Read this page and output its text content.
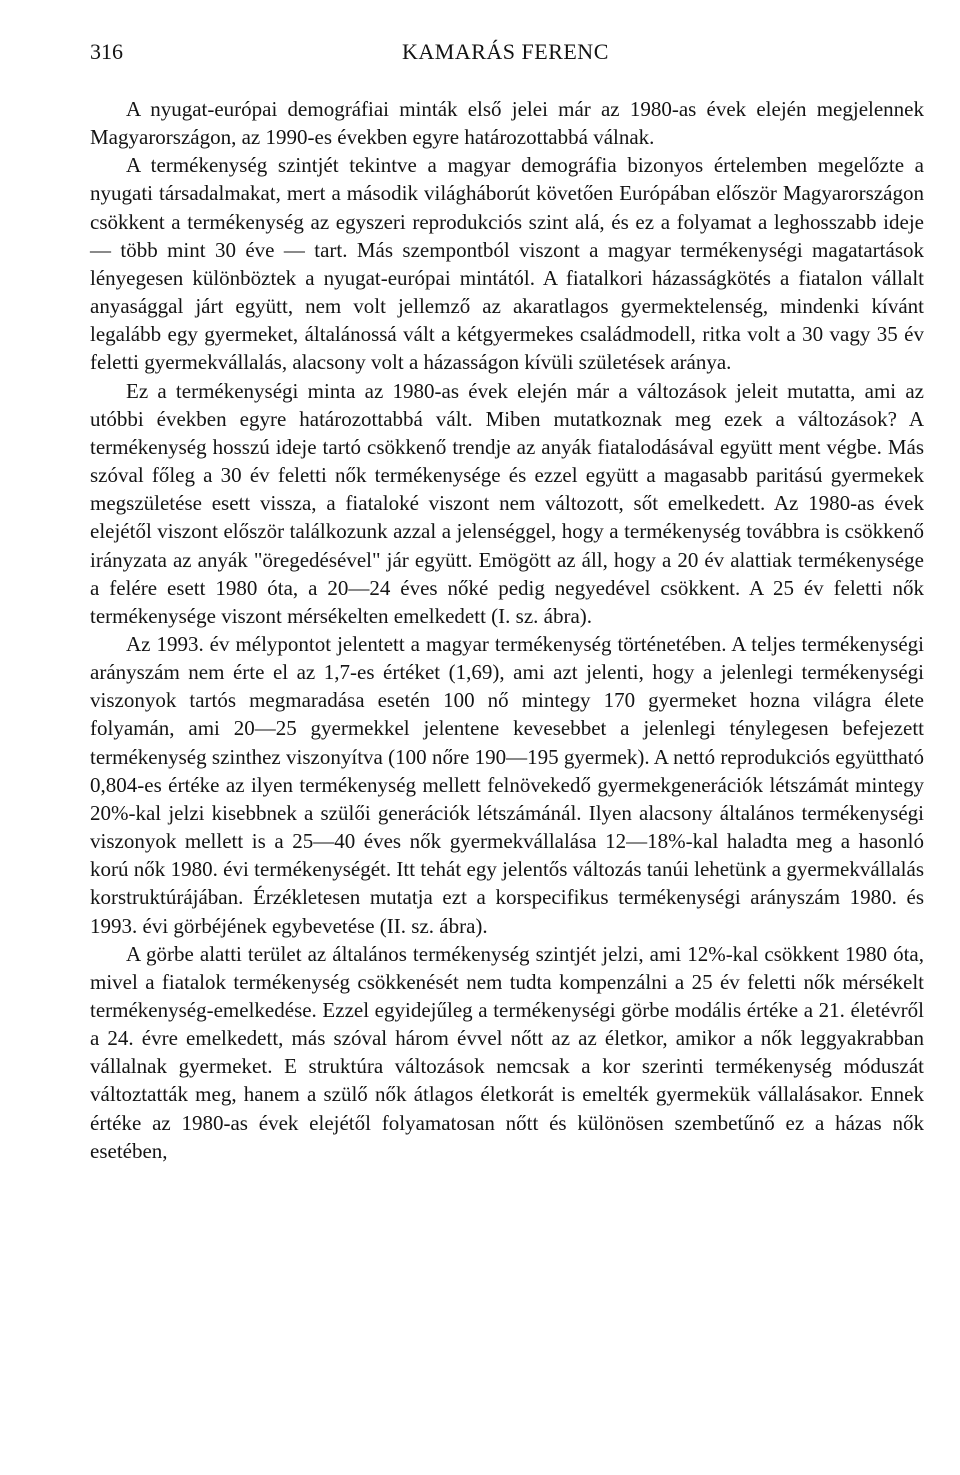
316	KAMARÁS FERENC

A nyugat-európai demográfiai minták első jelei már az 1980-as évek elején megjelennek Magyarországon, az 1990-es években egyre határozottabbá válnak.

A termékenység szintjét tekintve a magyar demográfia bizonyos értelemben megelőzte a nyugati társadalmakat, mert a második világháborút követően Európában először Magyarországon csökkent a termékenység az egyszeri reprodukciós szint alá, és ez a folyamat a leghosszabb ideje — több mint 30 éve — tart. Más szempontból viszont a magyar termékenységi magatartások lényegesen különböztek a nyugat-európai mintától. A fiatalkori házasságkötés a fiatalon vállalt anyasággal járt együtt, nem volt jellemző az akaratlagos gyermektelenség, mindenki kívánt legalább egy gyermeket, általánossá vált a kétgyermekes családmodell, ritka volt a 30 vagy 35 év feletti gyermekvállalás, alacsony volt a házasságon kívüli születések aránya.

Ez a termékenységi minta az 1980-as évek elején már a változások jeleit mutatta, ami az utóbbi években egyre határozottabbá vált. Miben mutatkoznak meg ezek a változások? A termékenység hosszú ideje tartó csökkenő trendje az anyák fiatalodásával együtt ment végbe. Más szóval főleg a 30 év feletti nők termékenysége és ezzel együtt a magasabb paritású gyermekek megszületése esett vissza, a fiataloké viszont nem változott, sőt emelkedett. Az 1980-as évek elejétől viszont először találkozunk azzal a jelenséggel, hogy a termékenység továbbra is csökkenő irányzata az anyák "öregedésével" jár együtt. Emögött az áll, hogy a 20 év alattiak termékenysége a felére esett 1980 óta, a 20—24 éves nőké pedig negyedével csökkent. A 25 év feletti nők termékenysége viszont mérsékelten emelkedett (I. sz. ábra).

Az 1993. év mélypontot jelentett a magyar termékenység történetében. A teljes termékenységi arányszám nem érte el az 1,7-es értéket (1,69), ami azt jelenti, hogy a jelenlegi termékenységi viszonyok tartós megmaradása esetén 100 nő mintegy 170 gyermeket hozna világra élete folyamán, ami 20—25 gyermekkel jelentene kevesebbet a jelenlegi ténylegesen befejezett termékenység szinthez viszonyítva (100 nőre 190—195 gyermek). A nettó reprodukciós együttható 0,804-es értéke az ilyen termékenység mellett felnövekedő gyermekgenerációk létszámát mintegy 20%-kal jelzi kisebbnek a szülői generációk létszámánál. Ilyen alacsony általános termékenységi viszonyok mellett is a 25—40 éves nők gyermekvállalása 12—18%-kal haladta meg a hasonló korú nők 1980. évi termékenységét. Itt tehát egy jelentős változás tanúi lehetünk a gyermekvállalás korstruktúrájában. Érzékletesen mutatja ezt a korspecifikus termékenységi arányszám 1980. és 1993. évi görbéjének egybevetése (II. sz. ábra).

A görbe alatti terület az általános termékenység szintjét jelzi, ami 12%-kal csökkent 1980 óta, mivel a fiatalok termékenység csökkenését nem tudta kompenzálni a 25 év feletti nők mérsékelt termékenység-emelkedése. Ezzel egyidejűleg a termékenységi görbe modális értéke a 21. életévről a 24. évre emelkedett, más szóval három évvel nőtt az az életkor, amikor a nők leggyakrabban vállalnak gyermeket. E struktúra változások nemcsak a kor szerinti termékenység móduszát változtatták meg, hanem a szülő nők átlagos életkorát is emelték gyermekük vállalásakor. Ennek értéke az 1980-as évek elejétől folyamatosan nőtt és különösen szembetűnő ez a házas nők esetében,
